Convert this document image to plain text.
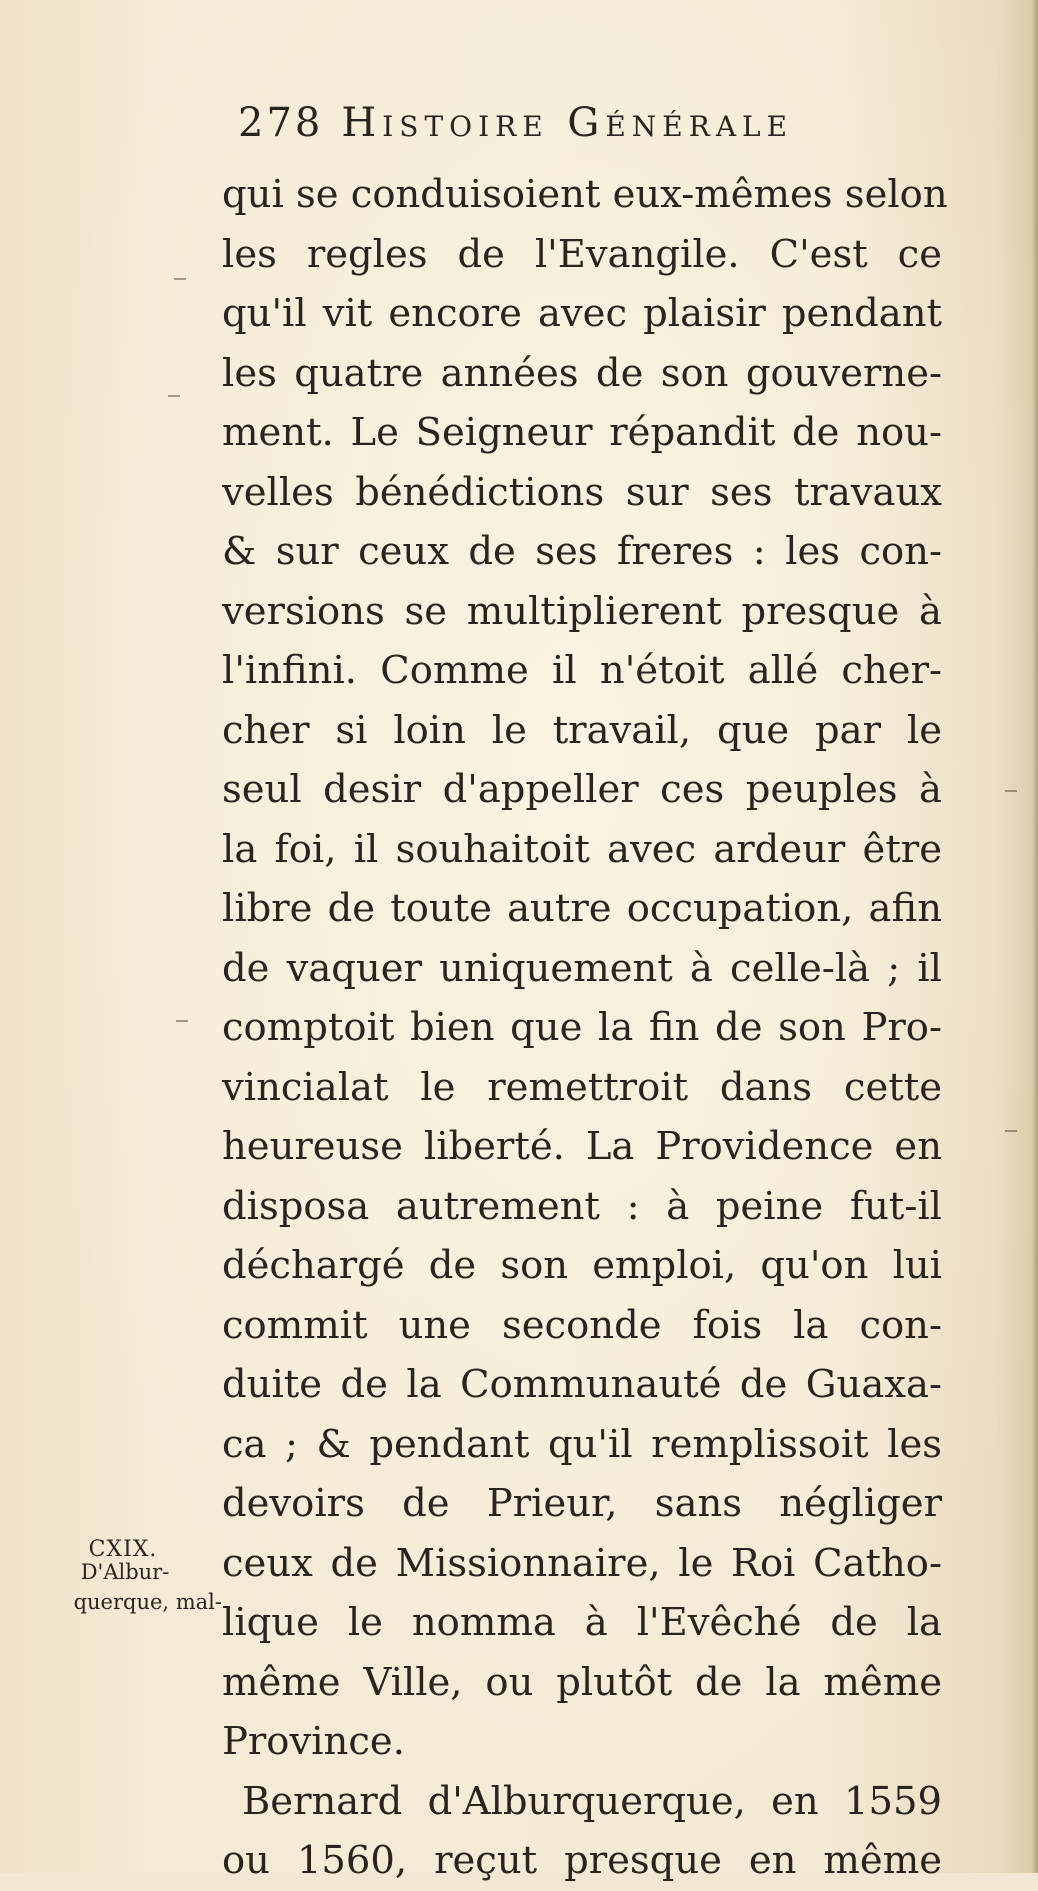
278 Histoire Générale
qui se conduisoient eux-mêmes selon
les regles de l'Evangile. C'est ce
qu'il vit encore avec plaisir pendant
les quatre années de son gouverne-
ment. Le Seigneur répandit de nou-
velles bénédictions sur ses travaux
& sur ceux de ses freres : les con-
versions se multiplierent presque à
l'infini. Comme il n'étoit allé cher-
cher si loin le travail, que par le
seul desir d'appeller ces peuples à
la foi, il souhaitoit avec ardeur être
libre de toute autre occupation, afin
de vaquer uniquement à celle-là ; il
comptoit bien que la fin de son Pro-
vincialat le remettroit dans cette
heureuse liberté. La Providence en
disposa autrement : à peine fut-il
déchargé de son emploi, qu'on lui
commit une seconde fois la con-
duite de la Communauté de Guaxa-
ca ; & pendant qu'il remplissoit les
devoirs de Prieur, sans négliger
ceux de Missionnaire, le Roi Catho-
lique le nomma à l'Evêché de la
même Ville, ou plutôt de la même
Province.
Bernard d'Alburquerque, en 1559
ou 1560, reçut presque en même
CXIX.
D'Albur-
querque, mal-
